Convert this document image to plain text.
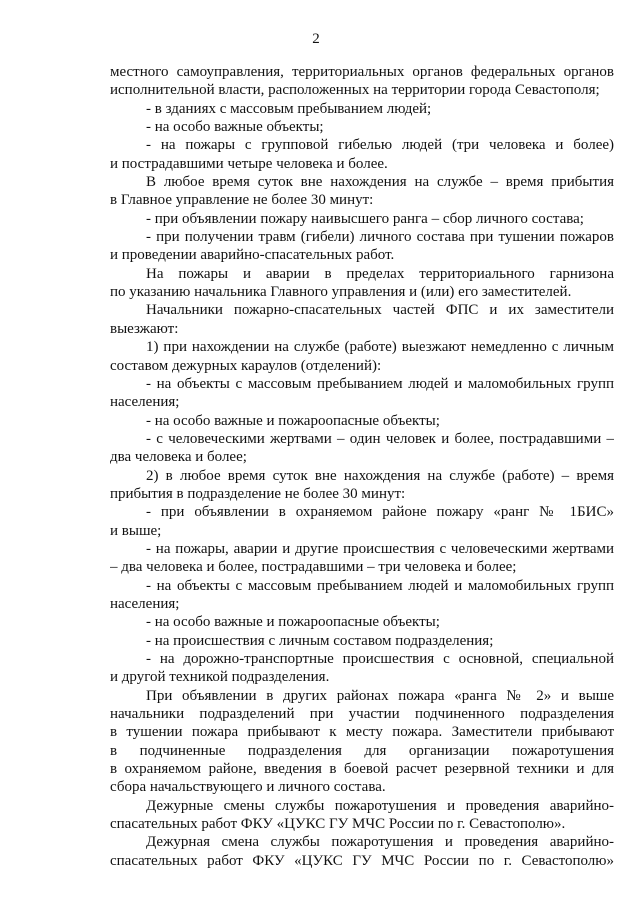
2
местного самоуправления, территориальных органов федеральных органов
исполнительной власти, расположенных на территории города Севастополя;
- в зданиях с массовым пребыванием людей;
- на особо важные объекты;
- на пожары с групповой гибелью людей (три человека и более)
и пострадавшими четыре человека и более.
В любое время суток вне нахождения на службе – время прибытия
в Главное управление не более 30 минут:
- при объявлении пожару наивысшего ранга – сбор личного состава;
- при получении травм (гибели) личного состава при тушении пожаров
и проведении аварийно-спасательных работ.
На пожары и аварии в пределах территориального гарнизона
по указанию начальника Главного управления и (или) его заместителей.
Начальники пожарно-спасательных частей ФПС и их заместители
выезжают:
1) при нахождении на службе (работе) выезжают немедленно с личным
составом дежурных караулов (отделений):
- на объекты с массовым пребыванием людей и маломобильных групп
населения;
- на особо важные и пожароопасные объекты;
- с человеческими жертвами – один человек и более, пострадавшими –
два человека и более;
2) в любое время суток вне нахождения на службе (работе) – время
прибытия в подразделение не более 30 минут:
- при объявлении в охраняемом районе пожару «ранг № 1БИС»
и выше;
- на пожары, аварии и другие происшествия с человеческими жертвами
– два человека и более, пострадавшими – три человека и более;
- на объекты с массовым пребыванием людей и маломобильных групп
населения;
- на особо важные и пожароопасные объекты;
- на происшествия с личным составом подразделения;
- на дорожно-транспортные происшествия с основной, специальной
и другой техникой подразделения.
При объявлении в других районах пожара «ранга № 2» и выше
начальники подразделений при участии подчиненного подразделения
в тушении пожара прибывают к месту пожара. Заместители прибывают
в подчиненные подразделения для организации пожаротушения
в охраняемом районе, введения в боевой расчет резервной техники и для
сбора начальствующего и личного состава.
Дежурные смены службы пожаротушения и проведения аварийно-
спасательных работ ФКУ «ЦУКС ГУ МЧС России по г. Севастополю».
Дежурная смена службы пожаротушения и проведения аварийно-
спасательных работ ФКУ «ЦУКС ГУ МЧС России по г. Севастополю»
